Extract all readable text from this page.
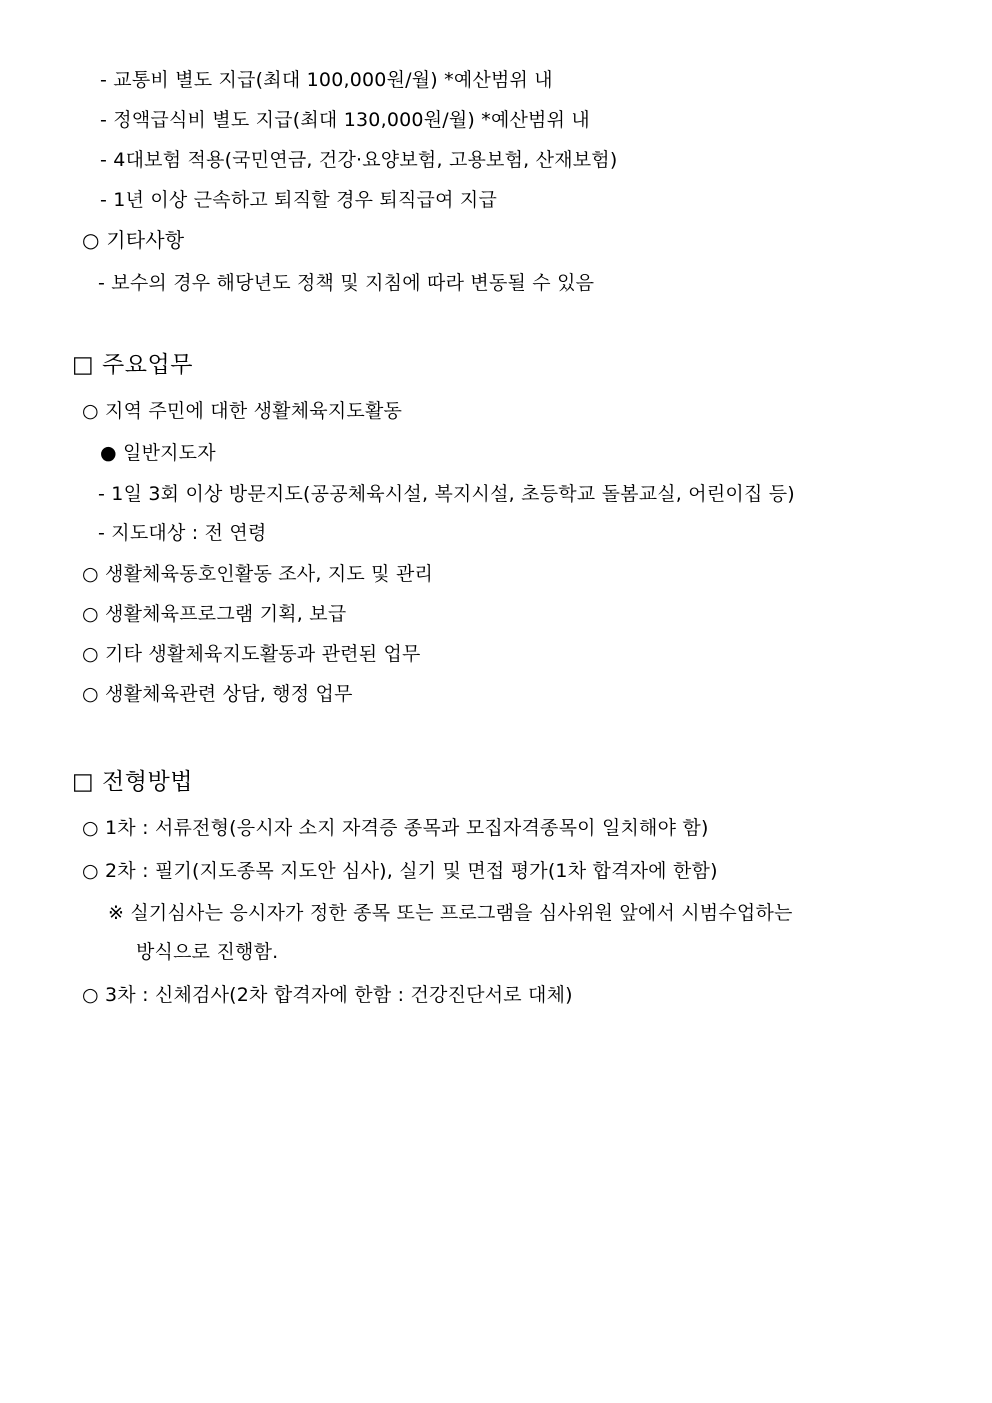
- 교통비 별도 지급(최대 100,000원/월) *예산범위 내
- 정액급식비 별도 지급(최대 130,000원/월) *예산범위 내
- 4대보험 적용(국민연금, 건강·요양보험, 고용보험, 산재보험)
- 1년 이상 근속하고 퇴직할 경우 퇴직급여 지급
○ 기타사항
- 보수의 경우 해당년도 정책 및 지침에 따라 변동될 수 있음
□ 주요업무
○ 지역 주민에 대한 생활체육지도활동
● 일반지도자
- 1일 3회 이상 방문지도(공공체육시설, 복지시설, 초등학교 돌봄교실, 어린이집 등)
- 지도대상 : 전 연령
○ 생활체육동호인활동 조사, 지도 및 관리
○ 생활체육프로그램 기획, 보급
○ 기타 생활체육지도활동과 관련된 업무
○ 생활체육관련 상담, 행정 업무
□ 전형방법
○ 1차 : 서류전형(응시자 소지 자격증 종목과 모집자격종목이 일치해야 함)
○ 2차 : 필기(지도종목 지도안 심사), 실기 및 면접 평가(1차 합격자에 한함)
※ 실기심사는 응시자가 정한 종목 또는 프로그램을 심사위원 앞에서 시범수업하는
방식으로 진행함.
○ 3차 : 신체검사(2차 합격자에 한함 : 건강진단서로 대체)
